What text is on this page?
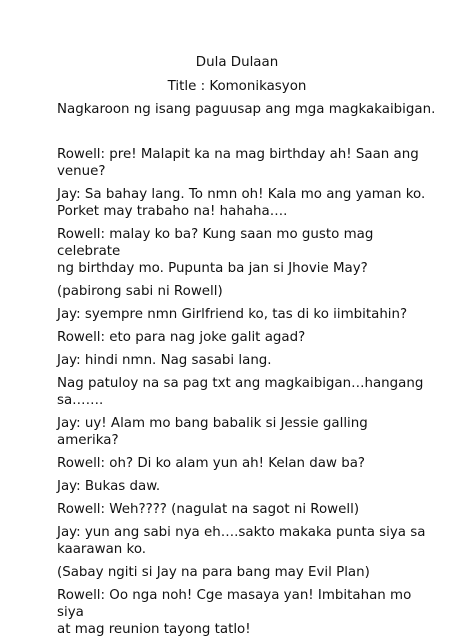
Dula Dulaan
Title : Komonikasyon
Nagkaroon ng isang paguusap ang mga magkakaibigan.

Rowell: pre! Malapit ka na mag birthday ah! Saan ang
venue?

Jay: Sa bahay lang. To nmn oh! Kala mo ang yaman ko.
Porket may trabaho na! hahaha….

Rowell: malay ko ba? Kung saan mo gusto mag celebrate
ng birthday mo. Pupunta ba jan si Jhovie May?

(pabirong sabi ni Rowell)

Jay: syempre nmn Girlfriend ko, tas di ko iimbitahin?

Rowell: eto para nag joke galit agad?

Jay: hindi nmn. Nag sasabi lang.

Nag patuloy na sa pag txt ang magkaibigan…hangang
sa…….

Jay: uy! Alam mo bang babalik si Jessie galling amerika?

Rowell: oh? Di ko alam yun ah! Kelan daw ba?

Jay: Bukas daw.

Rowell: Weh???? (nagulat na sagot ni Rowell)

Jay: yun ang sabi nya eh….sakto makaka punta siya sa
kaarawan ko.

(Sabay ngiti si Jay na para bang may Evil Plan)

Rowell: Oo nga noh! Cge masaya yan! Imbitahan mo siya
at mag reunion tayong tatlo!
